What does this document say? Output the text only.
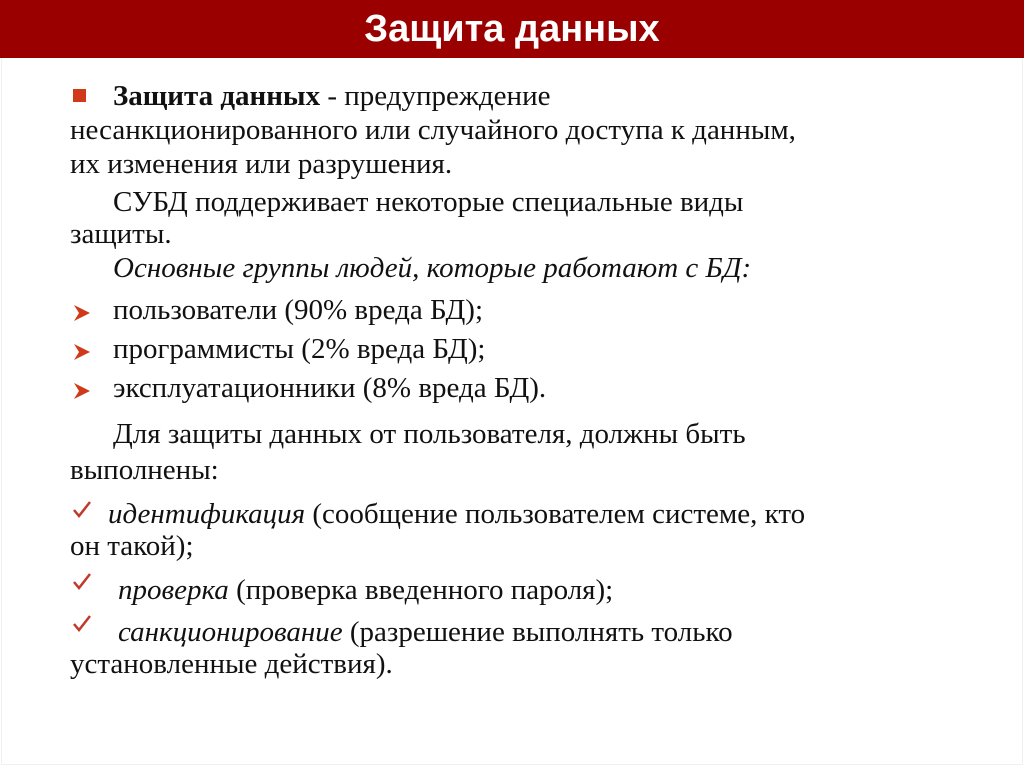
Защита данных
Защита данных - предупреждение
несанкционированного или случайного доступа к данным,
их изменения или разрушения.
СУБД поддерживает некоторые специальные виды
защиты.
Основные группы людей, которые работают с БД:
пользователи (90% вреда БД);
программисты (2% вреда БД);
эксплуатационники (8% вреда БД).
Для защиты данных от пользователя, должны быть
выполнены:
идентификация (сообщение пользователем системе, кто
он такой);
проверка (проверка введенного пароля);
санкционирование (разрешение выполнять только
установленные действия).
